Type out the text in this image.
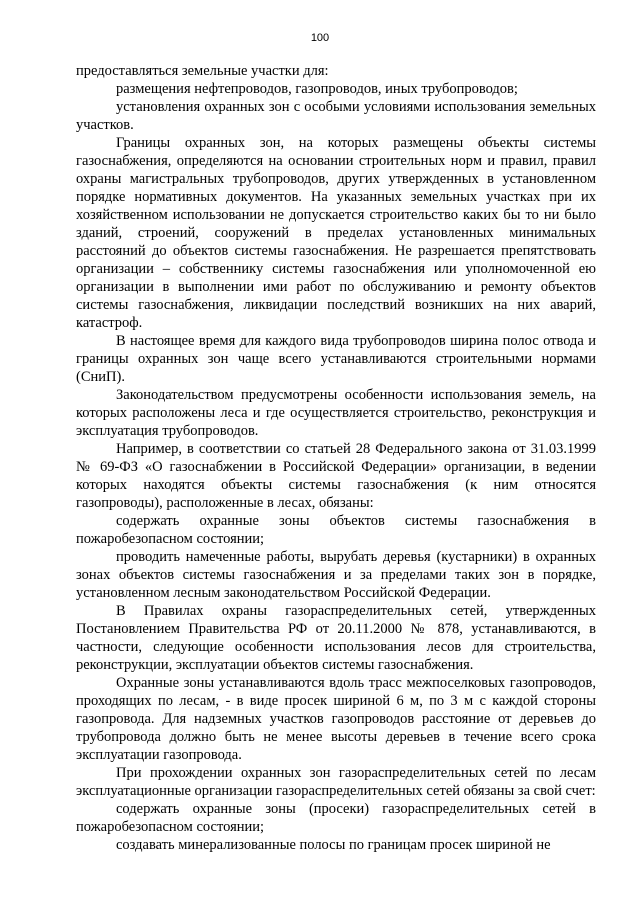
100

предоставляться земельные участки для:

размещения нефтепроводов, газопроводов, иных трубопроводов;

установления охранных зон с особыми условиями использования земельных участков.

Границы охранных зон, на которых размещены объекты системы газоснабжения, определяются на основании строительных норм и правил, правил охраны магистральных трубопроводов, других утвержденных в установленном порядке нормативных документов. На указанных земельных участках при их хозяйственном использовании не допускается строительство каких бы то ни было зданий, строений, сооружений в пределах установленных минимальных расстояний до объектов системы газоснабжения. Не разрешается препятствовать организации – собственнику системы газоснабжения или уполномоченной ею организации в выполнении ими работ по обслуживанию и ремонту объектов системы газоснабжения, ликвидации последствий возникших на них аварий, катастроф.

В настоящее время для каждого вида трубопроводов ширина полос отвода и границы охранных зон чаще всего устанавливаются строительными нормами (СниП).

Законодательством предусмотрены особенности использования земель, на которых расположены леса и где осуществляется строительство, реконструкция и эксплуатация трубопроводов.

Например, в соответствии со статьей 28 Федерального закона от 31.03.1999 № 69-ФЗ «О газоснабжении в Российской Федерации» организации, в ведении которых находятся объекты системы газоснабжения (к ним относятся газопроводы), расположенные в лесах, обязаны:

содержать охранные зоны объектов системы газоснабжения в пожаробезопасном состоянии;

проводить намеченные работы, вырубать деревья (кустарники) в охранных зонах объектов системы газоснабжения и за пределами таких зон в порядке, установленном лесным законодательством Российской Федерации.

В Правилах охраны газораспределительных сетей, утвержденных Постановлением Правительства РФ от 20.11.2000 № 878, устанавливаются, в частности, следующие особенности использования лесов для строительства, реконструкции, эксплуатации объектов системы газоснабжения.

Охранные зоны устанавливаются вдоль трасс межпоселковых газопроводов, проходящих по лесам, - в виде просек шириной 6 м, по 3 м с каждой стороны газопровода. Для надземных участков газопроводов расстояние от деревьев до трубопровода должно быть не менее высоты деревьев в течение всего срока эксплуатации газопровода.

При прохождении охранных зон газораспределительных сетей по лесам эксплуатационные организации газораспределительных сетей обязаны за свой счет:

содержать охранные зоны (просеки) газораспределительных сетей в пожаробезопасном состоянии;

создавать минерализованные полосы по границам просек шириной не
